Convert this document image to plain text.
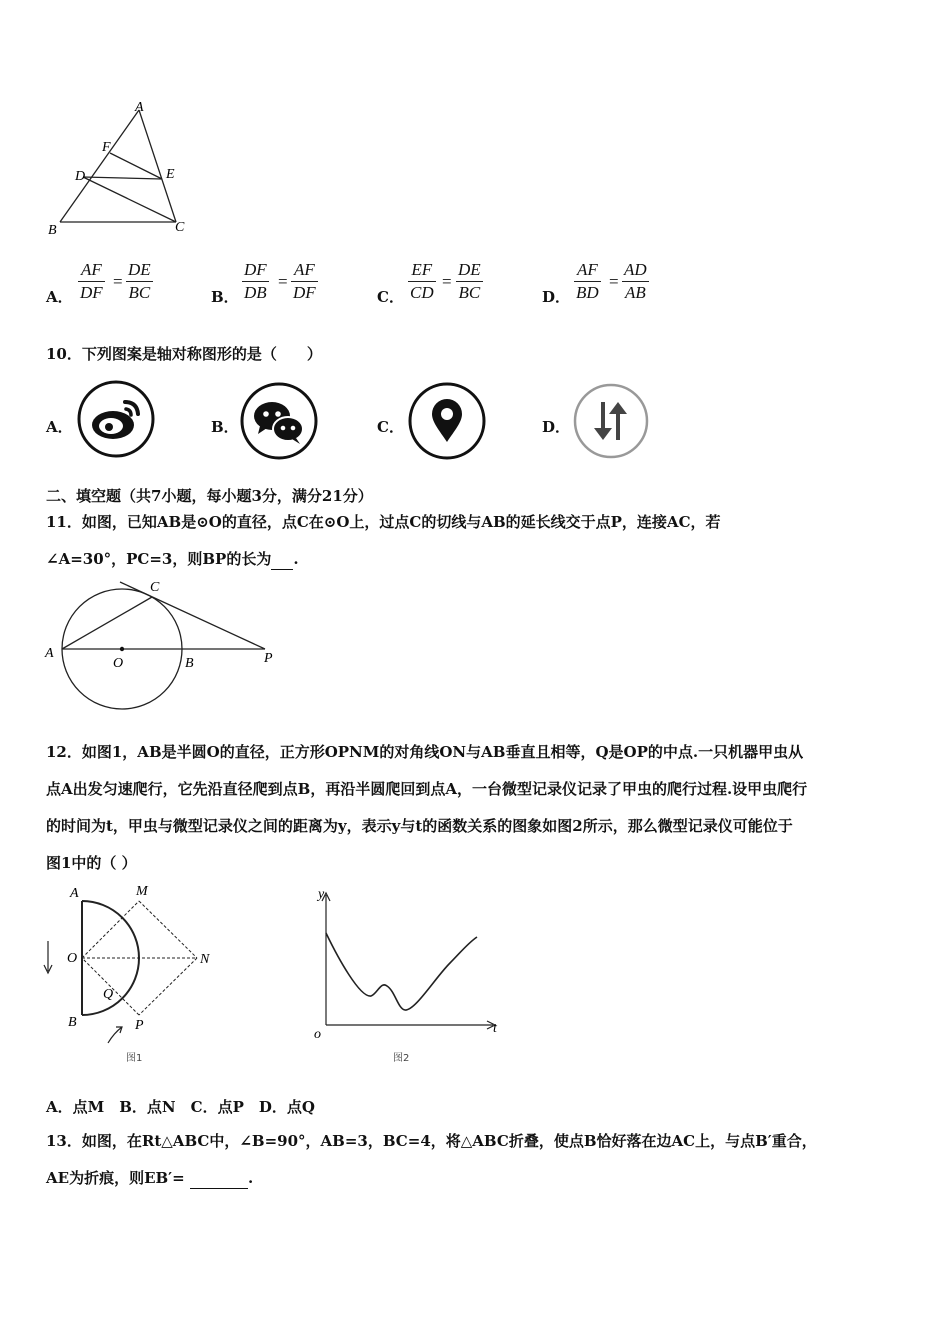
A
F
D	E
B	C
A． $\frac{AF}{DF} = \frac{DE}{BC}$	B． $\frac{DF}{DB} = \frac{AF}{DF}$	C． $\frac{EF}{CD} = \frac{DE}{BC}$	D． $\frac{AF}{BD} = \frac{AD}{AB}$
10．下列图案是轴对称图形的是（　　）
A．	B．	C．	D．
二、填空题（共7小题，每小题3分，满分21分）
11．如图，已知AB是⊙O的直径，点C在⊙O上，过点C的切线与AB的延长线交于点P，连接AC，若
∠A=30°，PC=3，则BP的长为 .
A
O	B
C
P
12．如图1，AB是半圆O的直径，正方形OPNM的对角线ON与AB垂直且相等，Q是OP的中点.一只机器甲虫从
点A出发匀速爬行，它先沿直径爬到点B，再沿半圆爬回到点A，一台微型记录仪记录了甲虫的爬行过程.设甲虫爬行
的时间为t，甲虫与微型记录仪之间的距离为y，表示y与t的函数关系的图象如图2所示，那么微型记录仪可能位于
图1中的（ ）
A	M
O	N
Q
B	P
图1
y
o	t
图2
A．点M　B．点N　C．点P　D．点Q
13．如图，在Rt△ABC中，∠B=90°，AB=3，BC=4，将△ABC折叠，使点B恰好落在边AC上，与点B′重合，
AE为折痕，则EB′=	.
